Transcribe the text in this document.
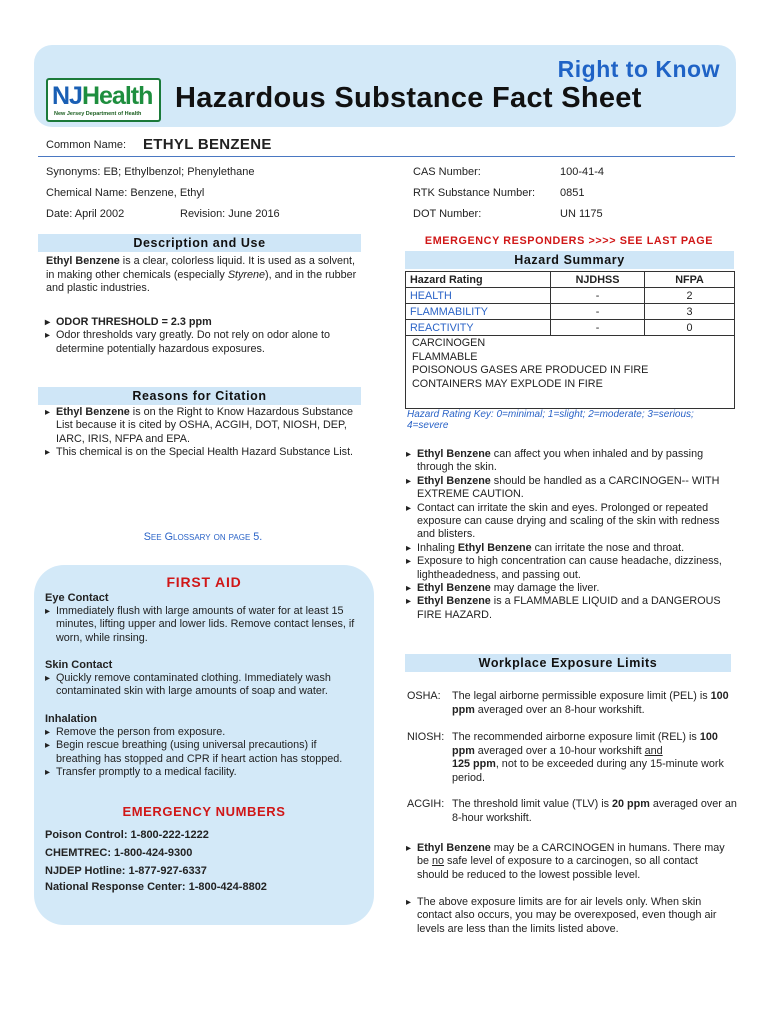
NJHealth
New Jersey Department of Health
Right to Know
Hazardous Substance Fact Sheet
Common Name: ETHYL BENZENE
Synonyms: EB; Ethylbenzol; Phenylethane
Chemical Name: Benzene, Ethyl
Date: April 2002	Revision: June 2016
CAS Number:	100-41-4
RTK Substance Number: 0851
DOT Number:	UN 1175
Description and Use
Ethyl Benzene is a clear, colorless liquid. It is used as a solvent, in making other chemicals (especially Styrene), and in the rubber and plastic industries.
▸ ODOR THRESHOLD = 2.3 ppm
▸ Odor thresholds vary greatly. Do not rely on odor alone to determine potentially hazardous exposures.
Reasons for Citation
▸ Ethyl Benzene is on the Right to Know Hazardous Substance List because it is cited by OSHA, ACGIH, DOT, NIOSH, DEP, IARC, IRIS, NFPA and EPA.
▸ This chemical is on the Special Health Hazard Substance List.
See Glossary on page 5.
FIRST AID
Eye Contact
▸ Immediately flush with large amounts of water for at least 15 minutes, lifting upper and lower lids. Remove contact lenses, if worn, while rinsing.
Skin Contact
▸ Quickly remove contaminated clothing. Immediately wash contaminated skin with large amounts of soap and water.
Inhalation
▸ Remove the person from exposure.
▸ Begin rescue breathing (using universal precautions) if breathing has stopped and CPR if heart action has stopped.
▸ Transfer promptly to a medical facility.
EMERGENCY NUMBERS
Poison Control: 1-800-222-1222
CHEMTREC: 1-800-424-9300
NJDEP Hotline: 1-877-927-6337
National Response Center: 1-800-424-8802
EMERGENCY RESPONDERS >>>> SEE LAST PAGE
Hazard Summary
Hazard Rating	NJDHSS	NFPA
HEALTH	-	2
FLAMMABILITY	-	3
REACTIVITY	-	0
CARCINOGEN
FLAMMABLE
POISONOUS GASES ARE PRODUCED IN FIRE
CONTAINERS MAY EXPLODE IN FIRE
Hazard Rating Key: 0=minimal; 1=slight; 2=moderate; 3=serious; 4=severe
▸ Ethyl Benzene can affect you when inhaled and by passing through the skin.
▸ Ethyl Benzene should be handled as a CARCINOGEN-- WITH EXTREME CAUTION.
▸ Contact can irritate the skin and eyes. Prolonged or repeated exposure can cause drying and scaling of the skin with redness and blisters.
▸ Inhaling Ethyl Benzene can irritate the nose and throat.
▸ Exposure to high concentration can cause headache, dizziness, lightheadedness, and passing out.
▸ Ethyl Benzene may damage the liver.
▸ Ethyl Benzene is a FLAMMABLE LIQUID and a DANGEROUS FIRE HAZARD.
Workplace Exposure Limits
OSHA: The legal airborne permissible exposure limit (PEL) is 100 ppm averaged over an 8-hour workshift.
NIOSH: The recommended airborne exposure limit (REL) is 100 ppm averaged over a 10-hour workshift and
125 ppm, not to be exceeded during any 15-minute work period.
ACGIH: The threshold limit value (TLV) is 20 ppm averaged over an 8-hour workshift.
▸ Ethyl Benzene may be a CARCINOGEN in humans. There may be no safe level of exposure to a carcinogen, so all contact should be reduced to the lowest possible level.
▸ The above exposure limits are for air levels only. When skin contact also occurs, you may be overexposed, even though air levels are less than the limits listed above.
